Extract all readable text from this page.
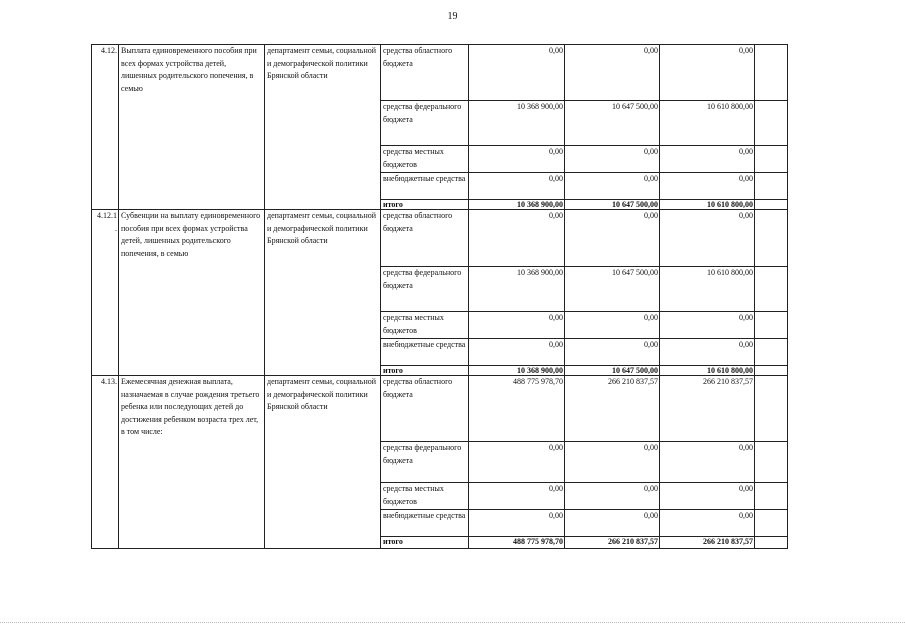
19
4.12.	Выплата единовременного пособия при всех формах устройства детей, лишенных родительского попечения, в семью	департамент семьи, социальной и демографической политики Брянской области	средства областного бюджета	0,00	0,00	0,00	
			средства федерального бюджета	10 368 900,00	10 647 500,00	10 610 800,00	
			средства местных бюджетов	0,00	0,00	0,00	
			внебюджетные средства	0,00	0,00	0,00	
			итого	10 368 900,00	10 647 500,00	10 610 800,00	
4.12.1 .	Субвенции на выплату единовременного пособия при всех формах устройства детей, лишенных родительского попечения, в семью	департамент семьи, социальной и демографической политики Брянской области	средства областного бюджета	0,00	0,00	0,00	
			средства федерального бюджета	10 368 900,00	10 647 500,00	10 610 800,00	
			средства местных бюджетов	0,00	0,00	0,00	
			внебюджетные средства	0,00	0,00	0,00	
			итого	10 368 900,00	10 647 500,00	10 610 800,00	
4.13.	Ежемесячная денежная выплата, назначаемая в случае рождения третьего ребенка или последующих детей до достижения ребенком возраста трех лет, в том числе:	департамент семьи, социальной и демографической политики Брянской области	средства областного бюджета	488 775 978,70	266 210 837,57	266 210 837,57	
			средства федерального бюджета	0,00	0,00	0,00	
			средства местных бюджетов	0,00	0,00	0,00	
			внебюджетные средства	0,00	0,00	0,00	
			итого	488 775 978,70	266 210 837,57	266 210 837,57	
